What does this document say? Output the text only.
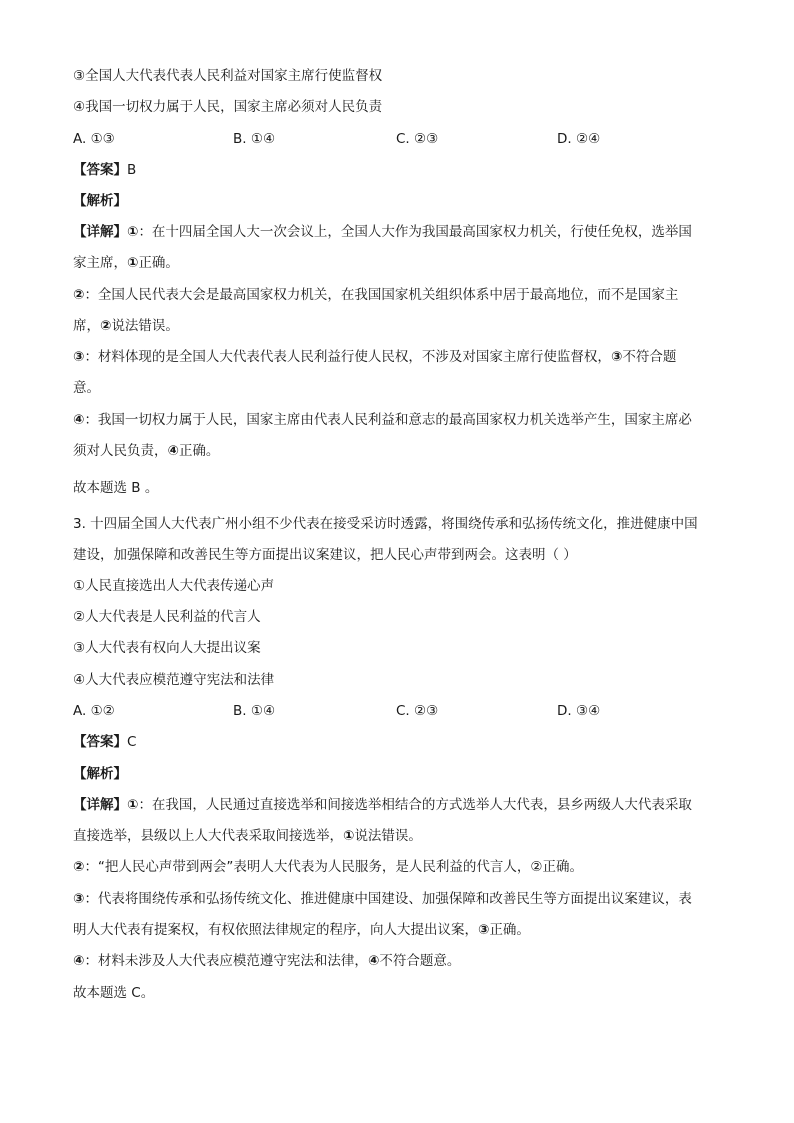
③全国人大代表代表人民利益对国家主席行使监督权
④我国一切权力属于人民，国家主席必须对人民负责
A. ①③	B. ①④	C. ②③	D. ②④
【答案】B
【解析】
【详解】①：在十四届全国人大一次会议上，全国人大作为我国最高国家权力机关，行使任免权，选举国
家主席，①正确。
②：全国人民代表大会是最高国家权力机关，在我国国家机关组织体系中居于最高地位，而不是国家主
席，②说法错误。
③：材料体现的是全国人大代表代表人民利益行使人民权，不涉及对国家主席行使监督权，③不符合题
意。
④：我国一切权力属于人民，国家主席由代表人民利益和意志的最高国家权力机关选举产生，国家主席必
须对人民负责，④正确。
故本题选 B 。
3. 十四届全国人大代表广州小组不少代表在接受采访时透露，将围绕传承和弘扬传统文化，推进健康中国
建设，加强保障和改善民生等方面提出议案建议，把人民心声带到两会。这表明（ ）
①人民直接选出人大代表传递心声
②人大代表是人民利益的代言人
③人大代表有权向人大提出议案
④人大代表应模范遵守宪法和法律
A. ①②	B. ①④	C. ②③	D. ③④
【答案】C
【解析】
【详解】①：在我国，人民通过直接选举和间接选举相结合的方式选举人大代表，县乡两级人大代表采取
直接选举，县级以上人大代表采取间接选举，①说法错误。
②：“把人民心声带到两会”表明人大代表为人民服务，是人民利益的代言人，②正确。
③：代表将围绕传承和弘扬传统文化、推进健康中国建设、加强保障和改善民生等方面提出议案建议，表
明人大代表有提案权，有权依照法律规定的程序，向人大提出议案，③正确。
④：材料未涉及人大代表应模范遵守宪法和法律，④不符合题意。
故本题选 C。
